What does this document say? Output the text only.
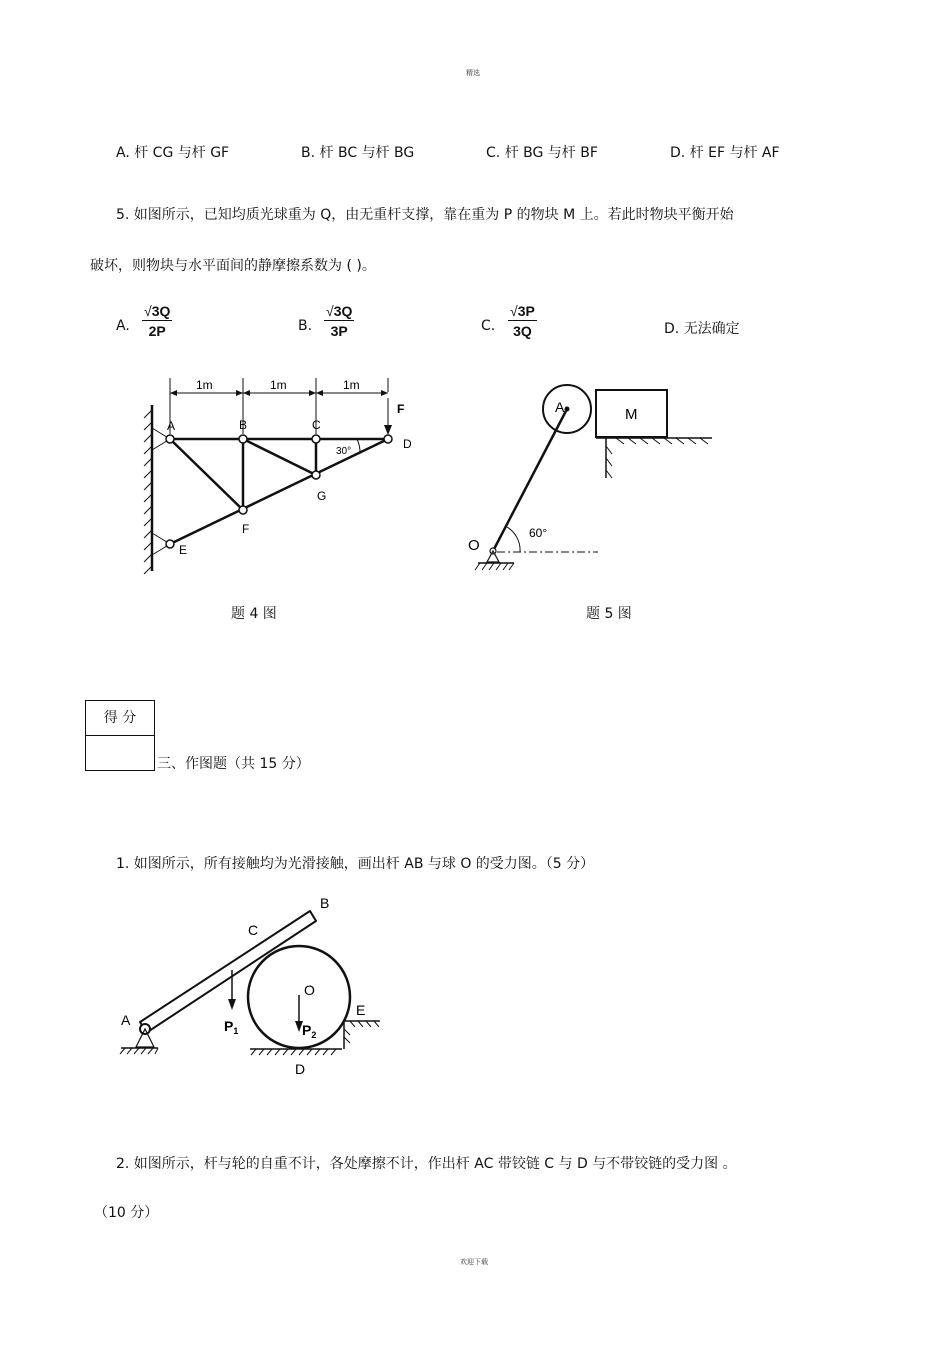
精选
A. 杆 CG 与杆 GF	B. 杆 BC 与杆 BG	C. 杆 BG 与杆 BF	D. 杆 EF 与杆 AF
5. 如图所示，已知均质光球重为 Q，由无重杆支撑，靠在重为 P 的物块 M 上。若此时物块平衡开始
破坏，则物块与水平面间的静摩擦系数为 ( )。
A. $\frac{√3Q}{2P}$	B. $\frac{√3Q}{3P}$	C. $\frac{√3P}{3Q}$	D. 无法确定
1m	1m	1m
F
A	B	C
D
E
F
G
30°
A	M
O
60°
题 4 图	题 5 图
得 分
三、作图题（共 15 分）
1. 如图所示，所有接触均为光滑接触，画出杆 AB 与球 O 的受力图。（5 分）
B
C
O
E
A
D
$P_1$	$P_2$
2. 如图所示，杆与轮的自重不计，各处摩擦不计，作出杆 AC 带铰链 C 与 D 与不带铰链的受力图 。
（10 分）
欢迎下载
